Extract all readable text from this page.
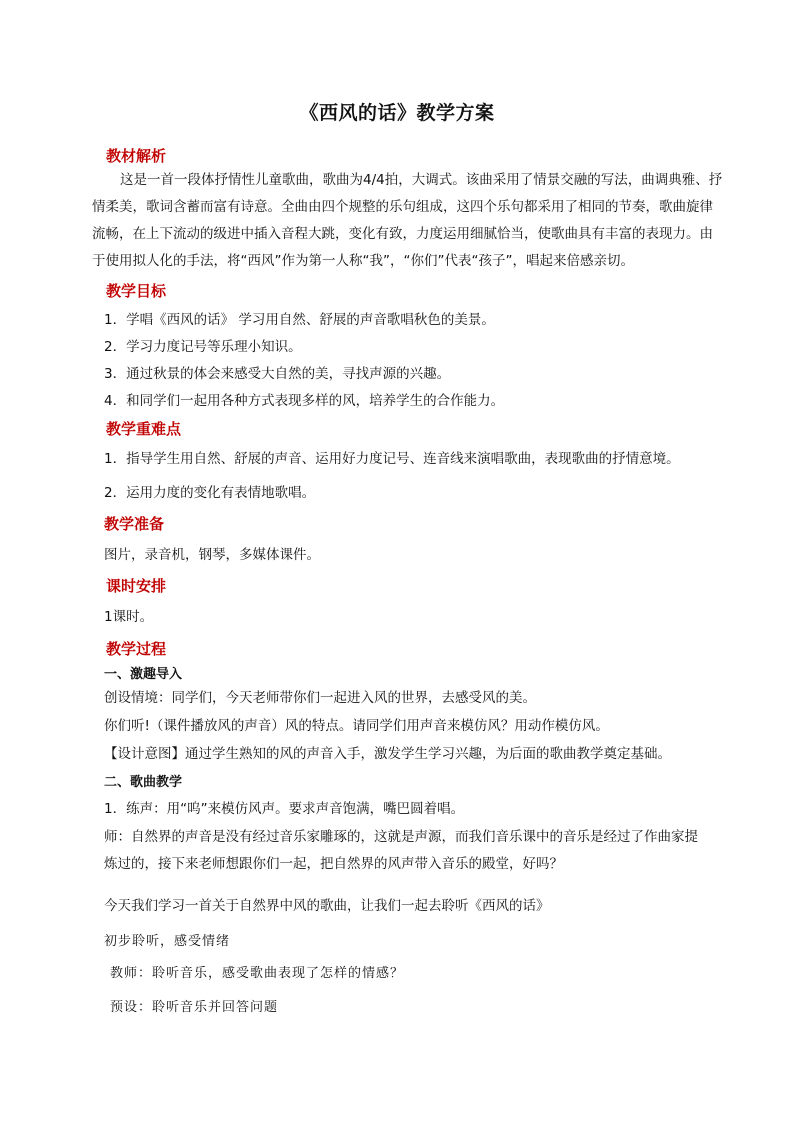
《西风的话》教学方案
教材解析
这是一首一段体抒情性儿童歌曲，歌曲为4/4拍，大调式。该曲采用了情景交融的写法，曲调典雅、抒
情柔美，歌词含蓄而富有诗意。全曲由四个规整的乐句组成，这四个乐句都采用了相同的节奏，歌曲旋律
流畅，在上下流动的级进中插入音程大跳，变化有致，力度运用细腻恰当，使歌曲具有丰富的表现力。由
于使用拟人化的手法，将“西风”作为第一人称“我”，“你们”代表“孩子”，唱起来倍感亲切。
教学目标
1．学唱《西风的话》 学习用自然、舒展的声音歌唱秋色的美景。
2．学习力度记号等乐理小知识。
3．通过秋景的体会来感受大自然的美，寻找声源的兴趣。
4．和同学们一起用各种方式表现多样的风，培养学生的合作能力。
教学重难点
1．指导学生用自然、舒展的声音、运用好力度记号、连音线来演唱歌曲，表现歌曲的抒情意境。
2．运用力度的变化有表情地歌唱。
教学准备
图片，录音机，钢琴，多媒体课件。
课时安排
1课时。
教学过程
一、激趣导入
创设情境：同学们，今天老师带你们一起进入风的世界，去感受风的美。
你们听!（课件播放风的声音）风的特点。请同学们用声音来模仿风？用动作模仿风。
【设计意图】通过学生熟知的风的声音入手，激发学生学习兴趣，为后面的歌曲教学奠定基础。
二、歌曲教学
1．练声：用“呜”来模仿风声。要求声音饱满，嘴巴圆着唱。
师：自然界的声音是没有经过音乐家雕琢的，这就是声源，而我们音乐课中的音乐是经过了作曲家提
炼过的，接下来老师想跟你们一起，把自然界的风声带入音乐的殿堂，好吗？
今天我们学习一首关于自然界中风的歌曲，让我们一起去聆听《西风的话》
初步聆听，感受情绪
教师：聆听音乐，感受歌曲表现了怎样的情感？
预设：聆听音乐并回答问题
